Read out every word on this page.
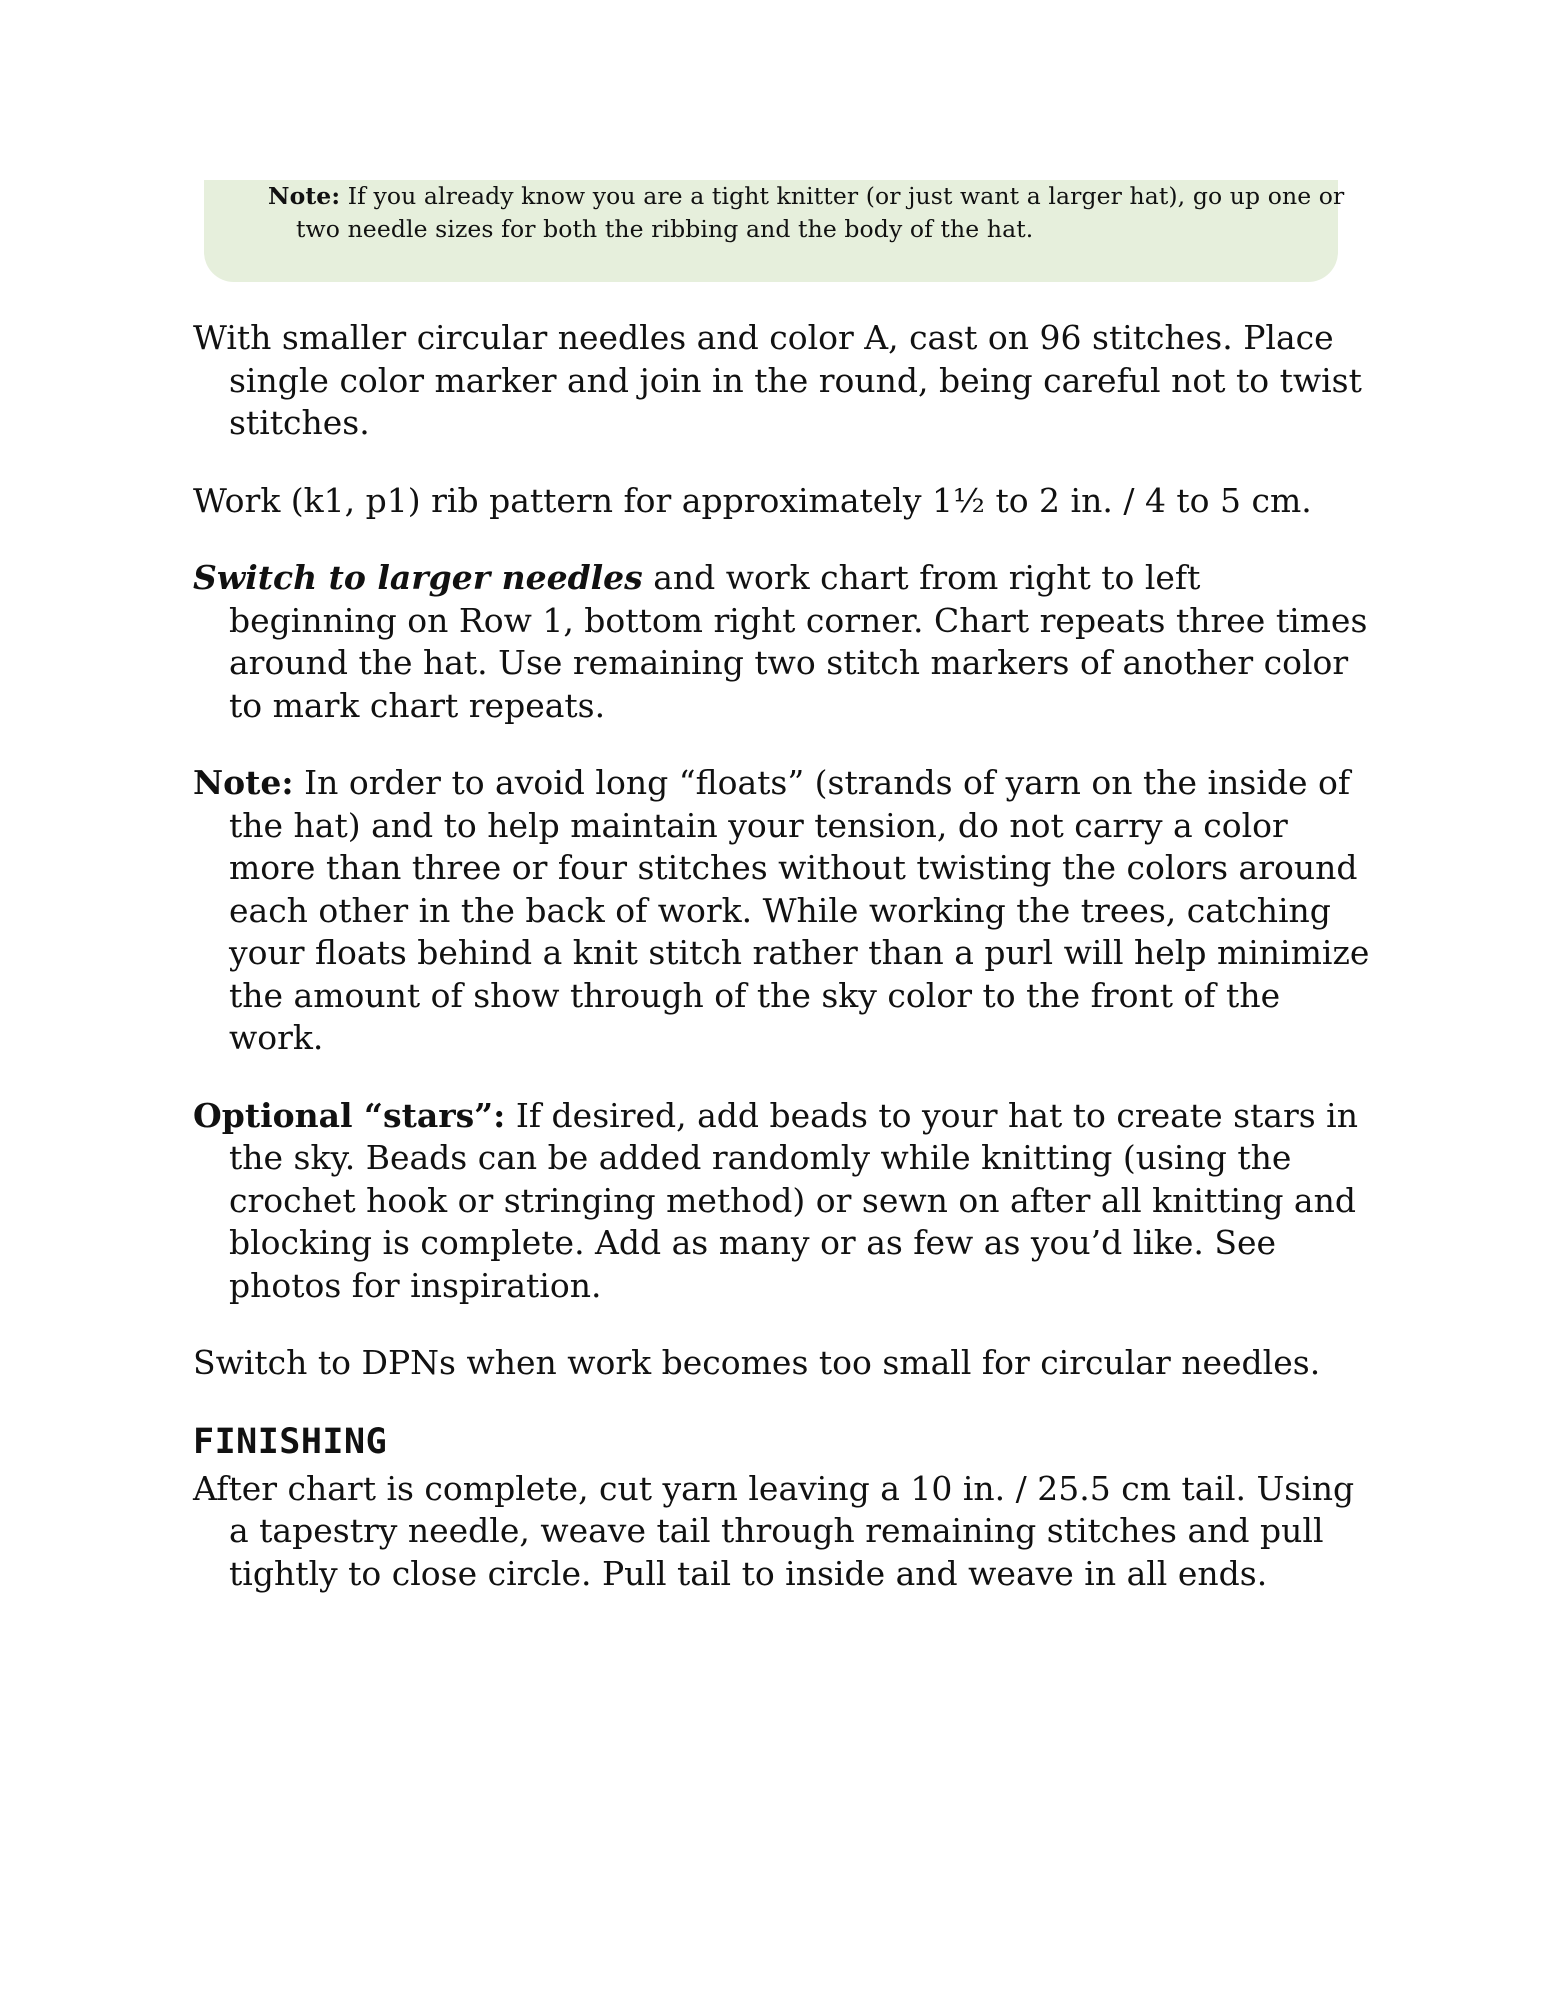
Note: If you already know you are a tight knitter (or just want a larger hat), go up one or two needle sizes for both the ribbing and the body of the hat.

With smaller circular needles and color A, cast on 96 stitches. Place single color marker and join in the round, being careful not to twist stitches.

Work (k1, p1) rib pattern for approximately 1½ to 2 in. / 4 to 5 cm.

Switch to larger needles and work chart from right to left beginning on Row 1, bottom right corner. Chart repeats three times around the hat. Use remaining two stitch markers of another color to mark chart repeats.

Note: In order to avoid long “floats” (strands of yarn on the inside of the hat) and to help maintain your tension, do not carry a color more than three or four stitches without twisting the colors around each other in the back of work. While working the trees, catching your floats behind a knit stitch rather than a purl will help minimize the amount of show through of the sky color to the front of the work.

Optional “stars”: If desired, add beads to your hat to create stars in the sky. Beads can be added randomly while knitting (using the crochet hook or stringing method) or sewn on after all knitting and blocking is complete. Add as many or as few as you’d like. See photos for inspiration.

Switch to DPNs when work becomes too small for circular needles.

FINISHING

After chart is complete, cut yarn leaving a 10 in. / 25.5 cm tail. Using a tapestry needle, weave tail through remaining stitches and pull tightly to close circle. Pull tail to inside and weave in all ends.
